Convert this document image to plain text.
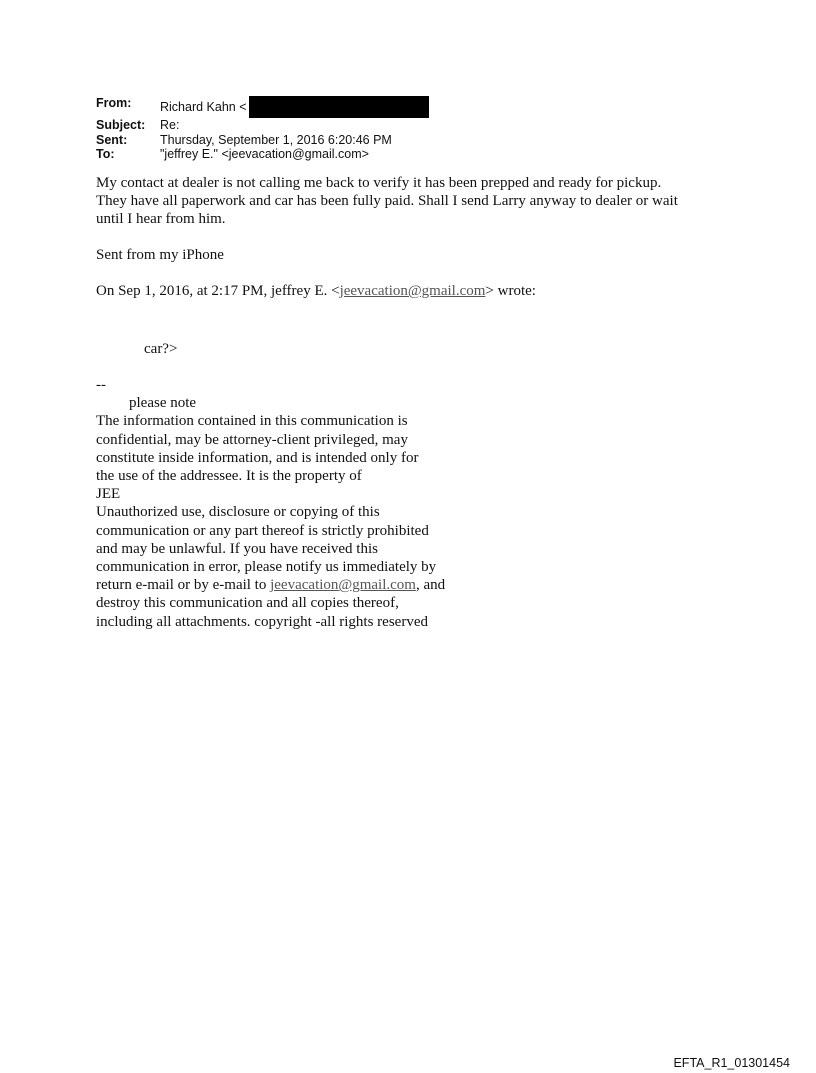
From:	Richard Kahn <
Subject:	Re:
Sent:	Thursday, September 1, 2016 6:20:46 PM
To:	"jeffrey E." <jeevacation@gmail.com>
My contact at dealer is not calling me back to verify it has been prepped and ready for pickup.
They have all paperwork and car has been fully paid. Shall I send Larry anyway to dealer or wait
until I hear from him.
Sent from my iPhone
On Sep 1, 2016, at 2:17 PM, jeffrey E. <jeevacation@gmail.com> wrote:
car?>
--
please note
The information contained in this communication is
confidential, may be attorney-client privileged, may
constitute inside information, and is intended only for
the use of the addressee. It is the property of
JEE
Unauthorized use, disclosure or copying of this
communication or any part thereof is strictly prohibited
and may be unlawful. If you have received this
communication in error, please notify us immediately by
return e-mail or by e-mail to jeevacation@gmail.com, and
destroy this communication and all copies thereof,
including all attachments. copyright -all rights reserved
EFTA_R1_01301454
